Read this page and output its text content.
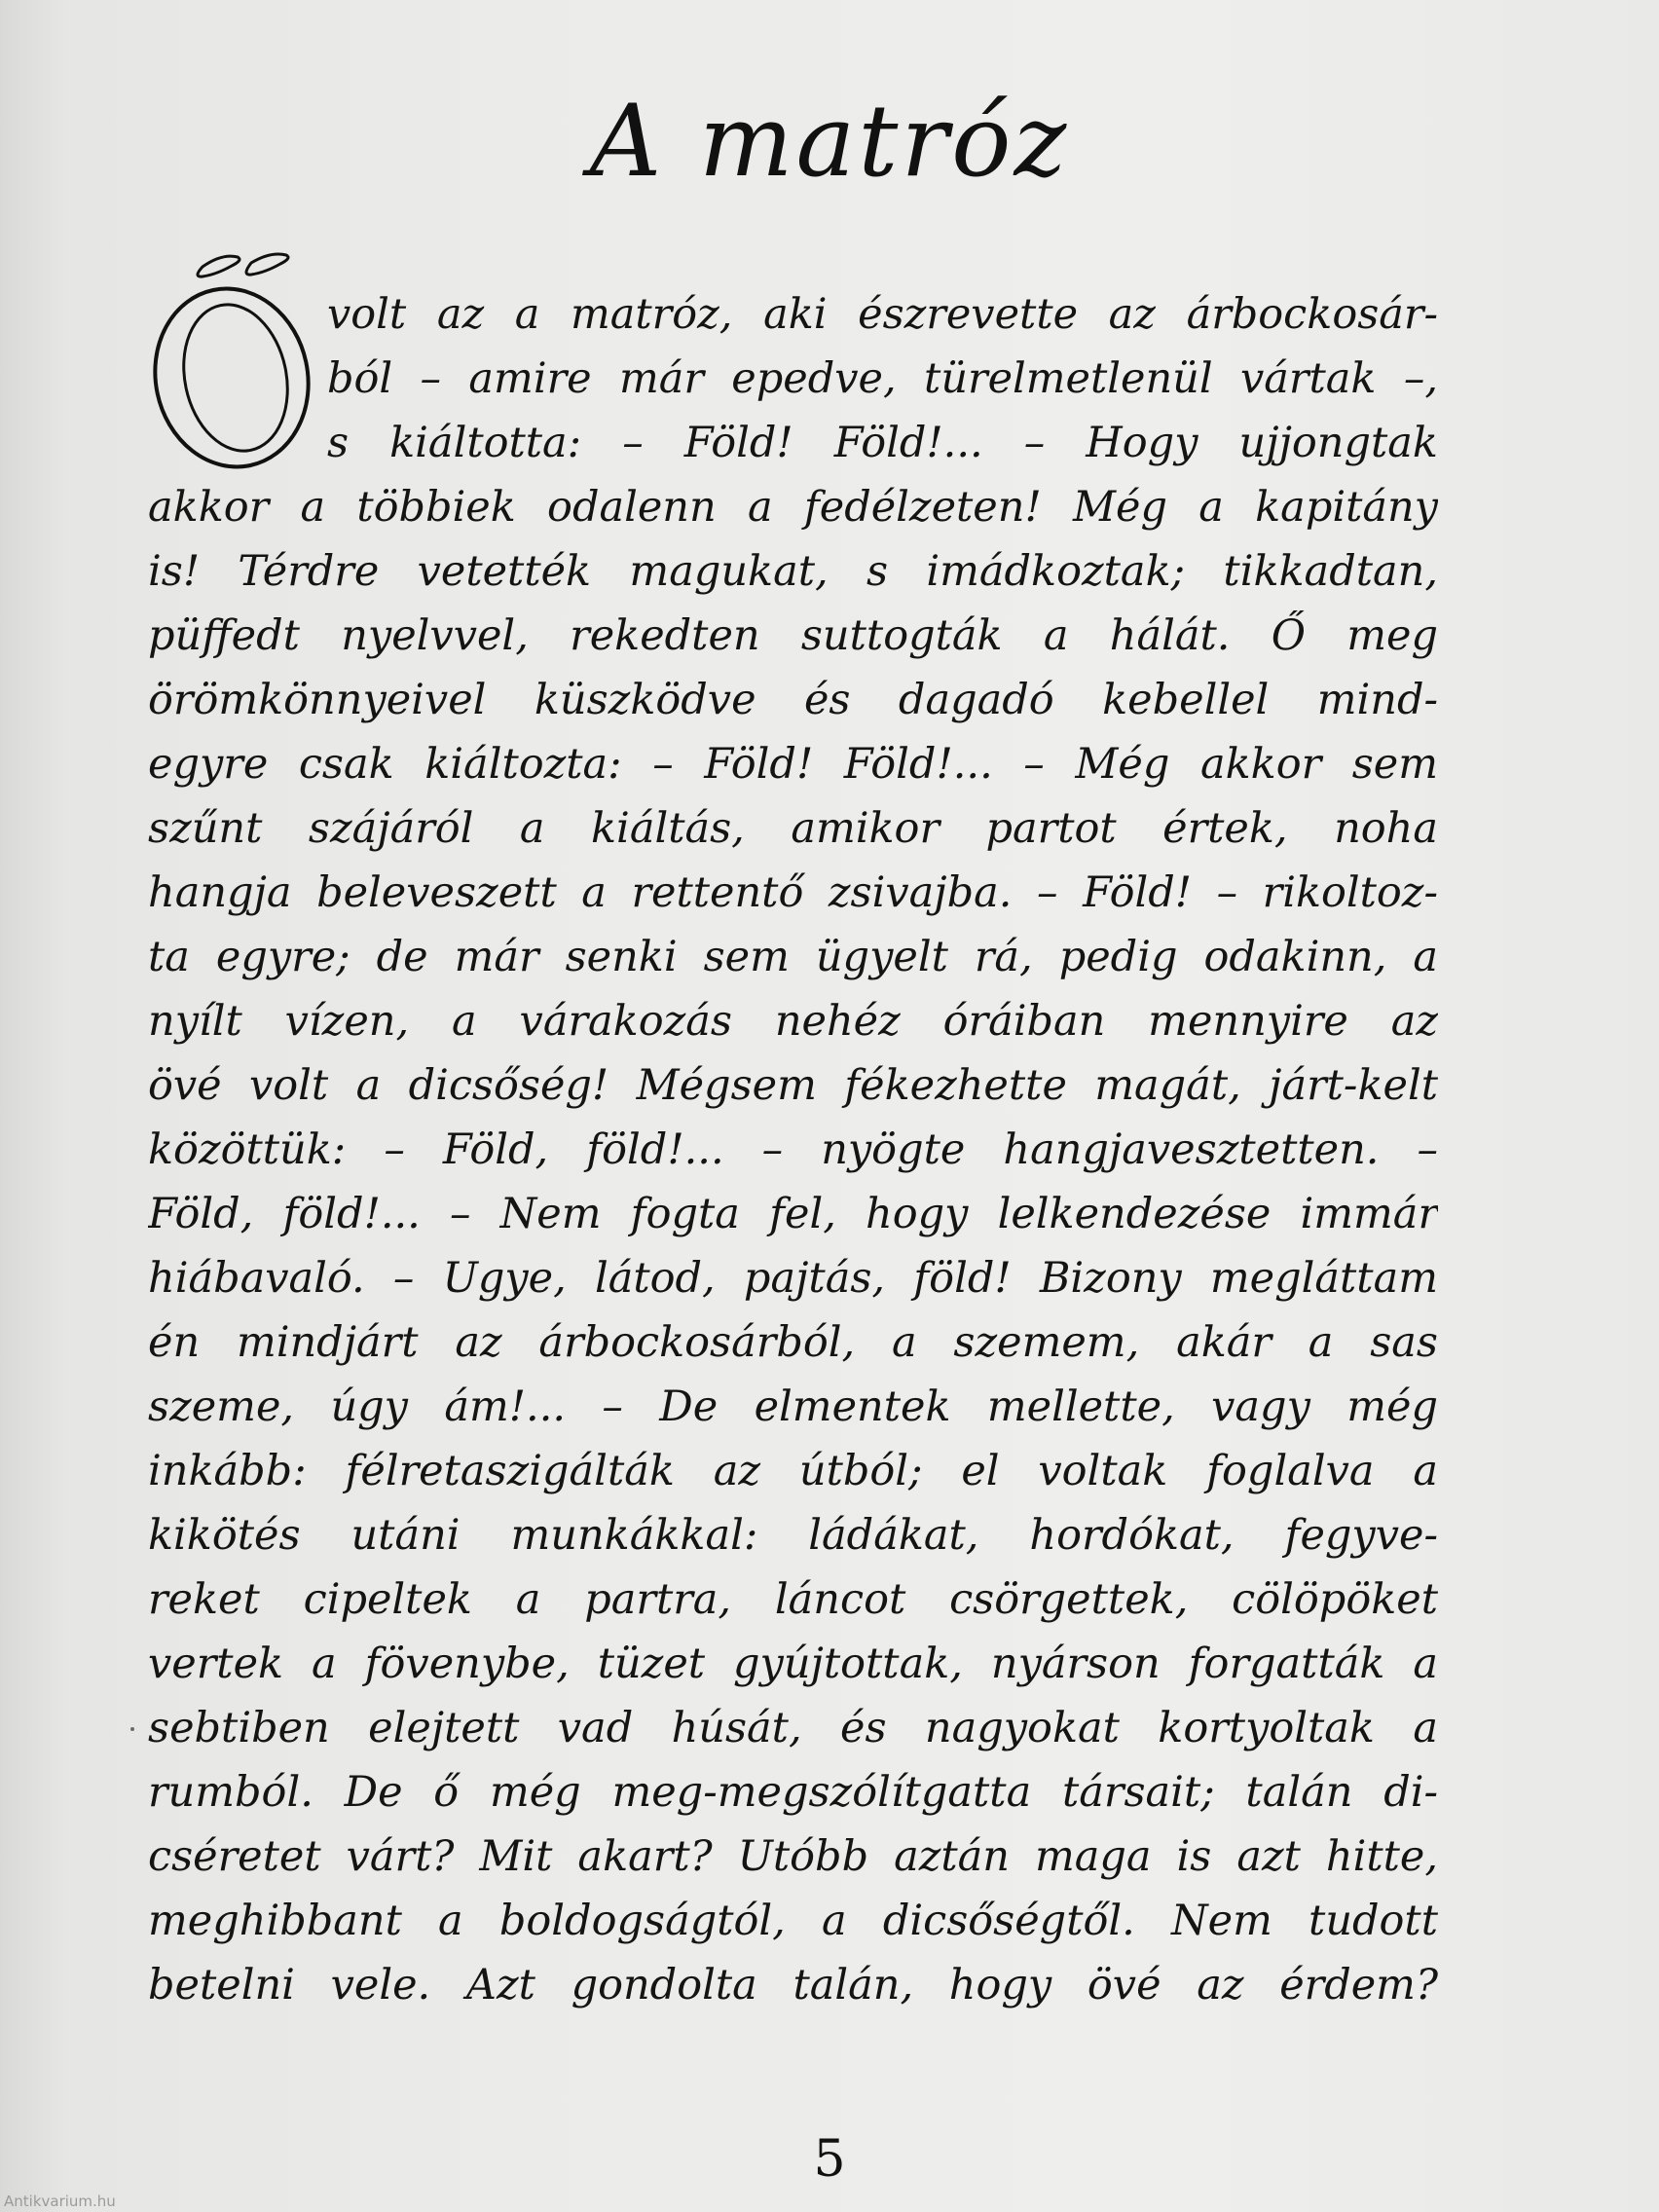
A matróz
volt az a matróz, aki észrevette az árbockosár-
ból – amire már epedve, türelmetlenül vártak –,
s kiáltotta: – Föld! Föld!... – Hogy ujjongtak
akkor a többiek odalenn a fedélzeten! Még a kapitány
is! Térdre vetették magukat, s imádkoztak; tikkadtan,
püffedt nyelvvel, rekedten suttogták a hálát. Ő meg
örömkönnyeivel küszködve és dagadó kebellel mind-
egyre csak kiáltozta: – Föld! Föld!... – Még akkor sem
szűnt szájáról a kiáltás, amikor partot értek, noha
hangja beleveszett a rettentő zsivajba. – Föld! – rikoltoz-
ta egyre; de már senki sem ügyelt rá, pedig odakinn, a
nyílt vízen, a várakozás nehéz óráiban mennyire az
övé volt a dicsőség! Mégsem fékezhette magát, járt-kelt
közöttük: – Föld, föld!... – nyögte hangjavesztetten. –
Föld, föld!... – Nem fogta fel, hogy lelkendezése immár
hiábavaló. – Ugye, látod, pajtás, föld! Bizony megláttam
én mindjárt az árbockosárból, a szemem, akár a sas
szeme, úgy ám!... – De elmentek mellette, vagy még
inkább: félretaszigálták az útból; el voltak foglalva a
kikötés utáni munkákkal: ládákat, hordókat, fegyve-
reket cipeltek a partra, láncot csörgettek, cölöpöket
vertek a fövenybe, tüzet gyújtottak, nyárson forgatták a
sebtiben elejtett vad húsát, és nagyokat kortyoltak a
rumból. De ő még meg-megszólítgatta társait; talán di-
cséretet várt? Mit akart? Utóbb aztán maga is azt hitte,
meghibbant a boldogságtól, a dicsőségtől. Nem tudott
betelni vele. Azt gondolta talán, hogy övé az érdem?
5
Antikvarium.hu
